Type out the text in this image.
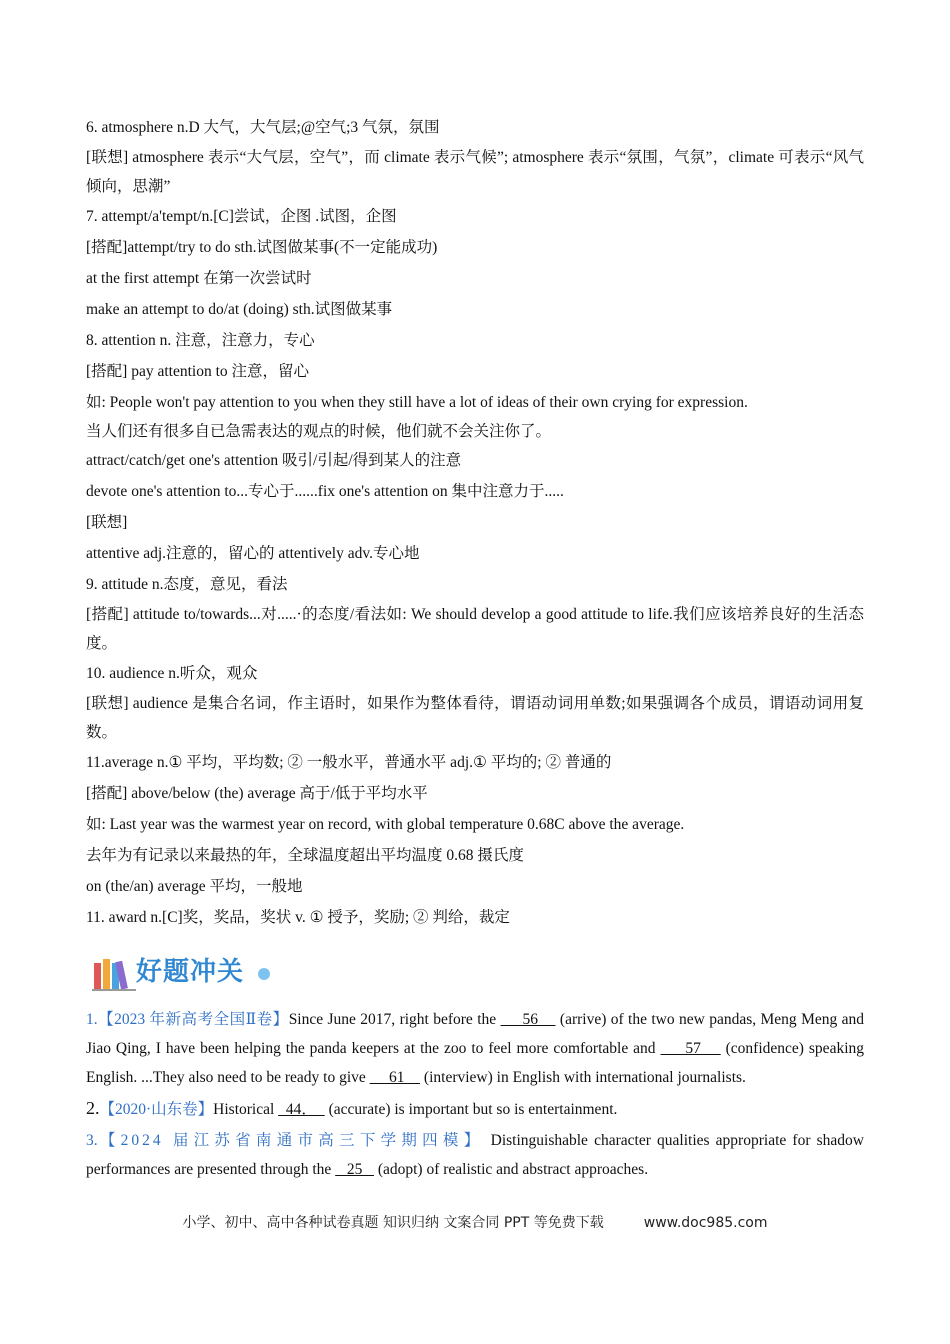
6. atmosphere n.D 大气，大气层;@空气;3 气氛，氛围

[联想] atmosphere 表示“大气层，空气”，而 climate 表示气候”; atmosphere 表示“氛围，气氛”，climate 可表示“风气倾向，思潮”

7. attempt/a'tempt/n.[C]尝试，企图 .试图，企图

[搭配]attempt/try to do sth.试图做某事(不一定能成功)

at the first attempt 在第一次尝试时

make an attempt to do/at (doing) sth.试图做某事

8. attention n. 注意，注意力，专心

[搭配] pay attention to 注意，留心

如: People won't pay attention to you when they still have a lot of ideas of their own crying for expression.

当人们还有很多自已急需表达的观点的时候，他们就不会关注你了。

attract/catch/get one's attention 吸引/引起/得到某人的注意

devote one's attention to...专心于......fix one's attention on 集中注意力于.....

[联想]

attentive adj.注意的，留心的 attentively adv.专心地

9. attitude n.态度，意见，看法

[搭配] attitude to/towards...对.....·的态度/看法如: We should develop a good attitude to life.我们应该培养良好的生活态度。

10. audience n.听众，观众

[联想] audience 是集合名词，作主语时，如果作为整体看待，谓语动词用单数;如果强调各个成员，谓语动词用复数。

11.average n.① 平均，平均数; ② 一般水平，普通水平 adj.① 平均的; ② 普通的

[搭配] above/below (the) average 高于/低于平均水平

如: Last year was the warmest year on record, with global temperature 0.68C above the average.

去年为有记录以来最热的年，全球温度超出平均温度 0.68 摄氏度

on (the/an) average 平均，一般地

11. award n.[C]奖，奖品，奖状 v. ① 授予，奖励; ② 判给，裁定

好题冲关

1.【2023 年新高考全国Ⅱ卷】Since June 2017, right before the      56     (arrive) of the two new pandas, Meng Meng and Jiao Qing, I have been helping the panda keepers at the zoo to feel more comfortable and      57     (confidence) speaking English. ...They also need to be ready to give      61     (interview) in English with international journalists.

2.【2020·山东卷】Historical   44．   (accurate) is important but so is entertainment.

3.【2024 届江苏省南通市高三下学期四模】 Distinguishable character qualities appropriate for shadow performances are presented through the    25    (adopt) of realistic and abstract approaches.

小学、初中、高中各种试卷真题 知识归纳 文案合同 PPT 等免费下载	www.doc985.com
